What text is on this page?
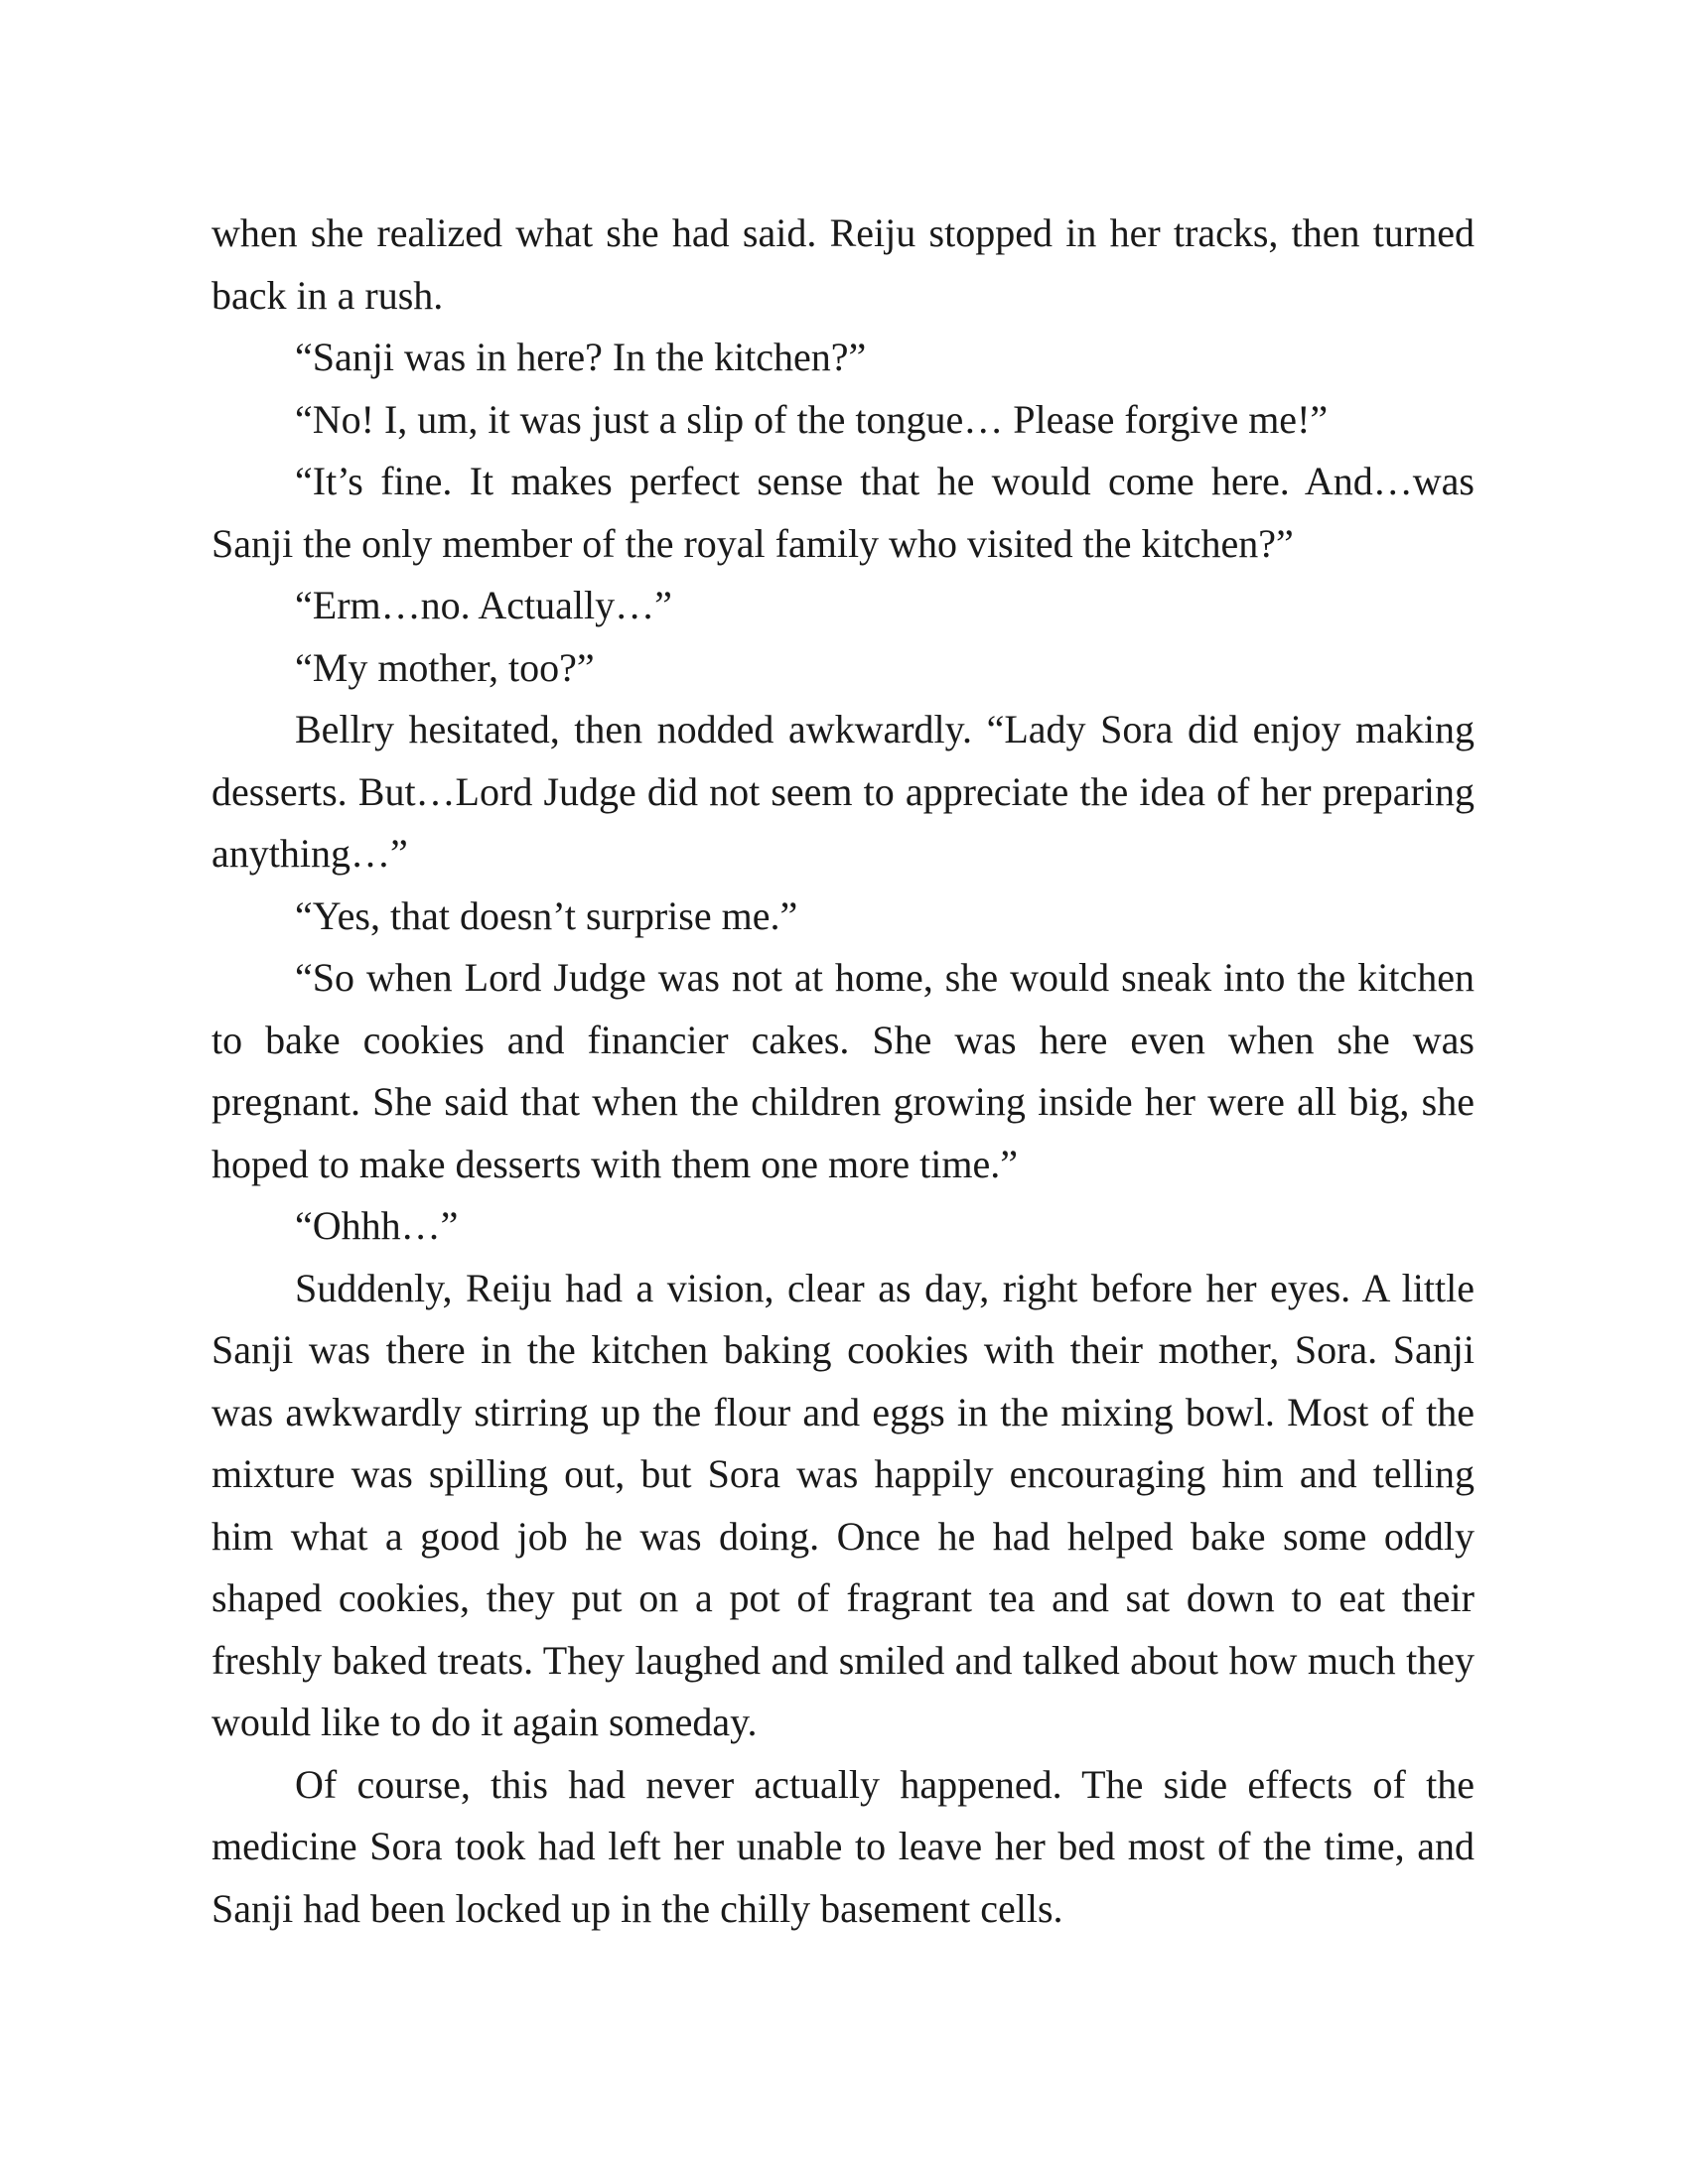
when she realized what she had said. Reiju stopped in her tracks, then turned back in a rush.

“Sanji was in here? In the kitchen?”

“No! I, um, it was just a slip of the tongue… Please forgive me!”

“It’s fine. It makes perfect sense that he would come here. And…was Sanji the only member of the royal family who visited the kitchen?”

“Erm…no. Actually…”

“My mother, too?”

Bellry hesitated, then nodded awkwardly. “Lady Sora did enjoy making desserts. But…Lord Judge did not seem to appreciate the idea of her preparing anything…”

“Yes, that doesn’t surprise me.”

“So when Lord Judge was not at home, she would sneak into the kitchen to bake cookies and financier cakes. She was here even when she was pregnant. She said that when the children growing inside her were all big, she hoped to make desserts with them one more time.”

“Ohhh…”

Suddenly, Reiju had a vision, clear as day, right before her eyes. A little Sanji was there in the kitchen baking cookies with their mother, Sora. Sanji was awkwardly stirring up the flour and eggs in the mixing bowl. Most of the mixture was spilling out, but Sora was happily encouraging him and telling him what a good job he was doing. Once he had helped bake some oddly shaped cookies, they put on a pot of fragrant tea and sat down to eat their freshly baked treats. They laughed and smiled and talked about how much they would like to do it again someday.

Of course, this had never actually happened. The side effects of the medicine Sora took had left her unable to leave her bed most of the time, and Sanji had been locked up in the chilly basement cells.
